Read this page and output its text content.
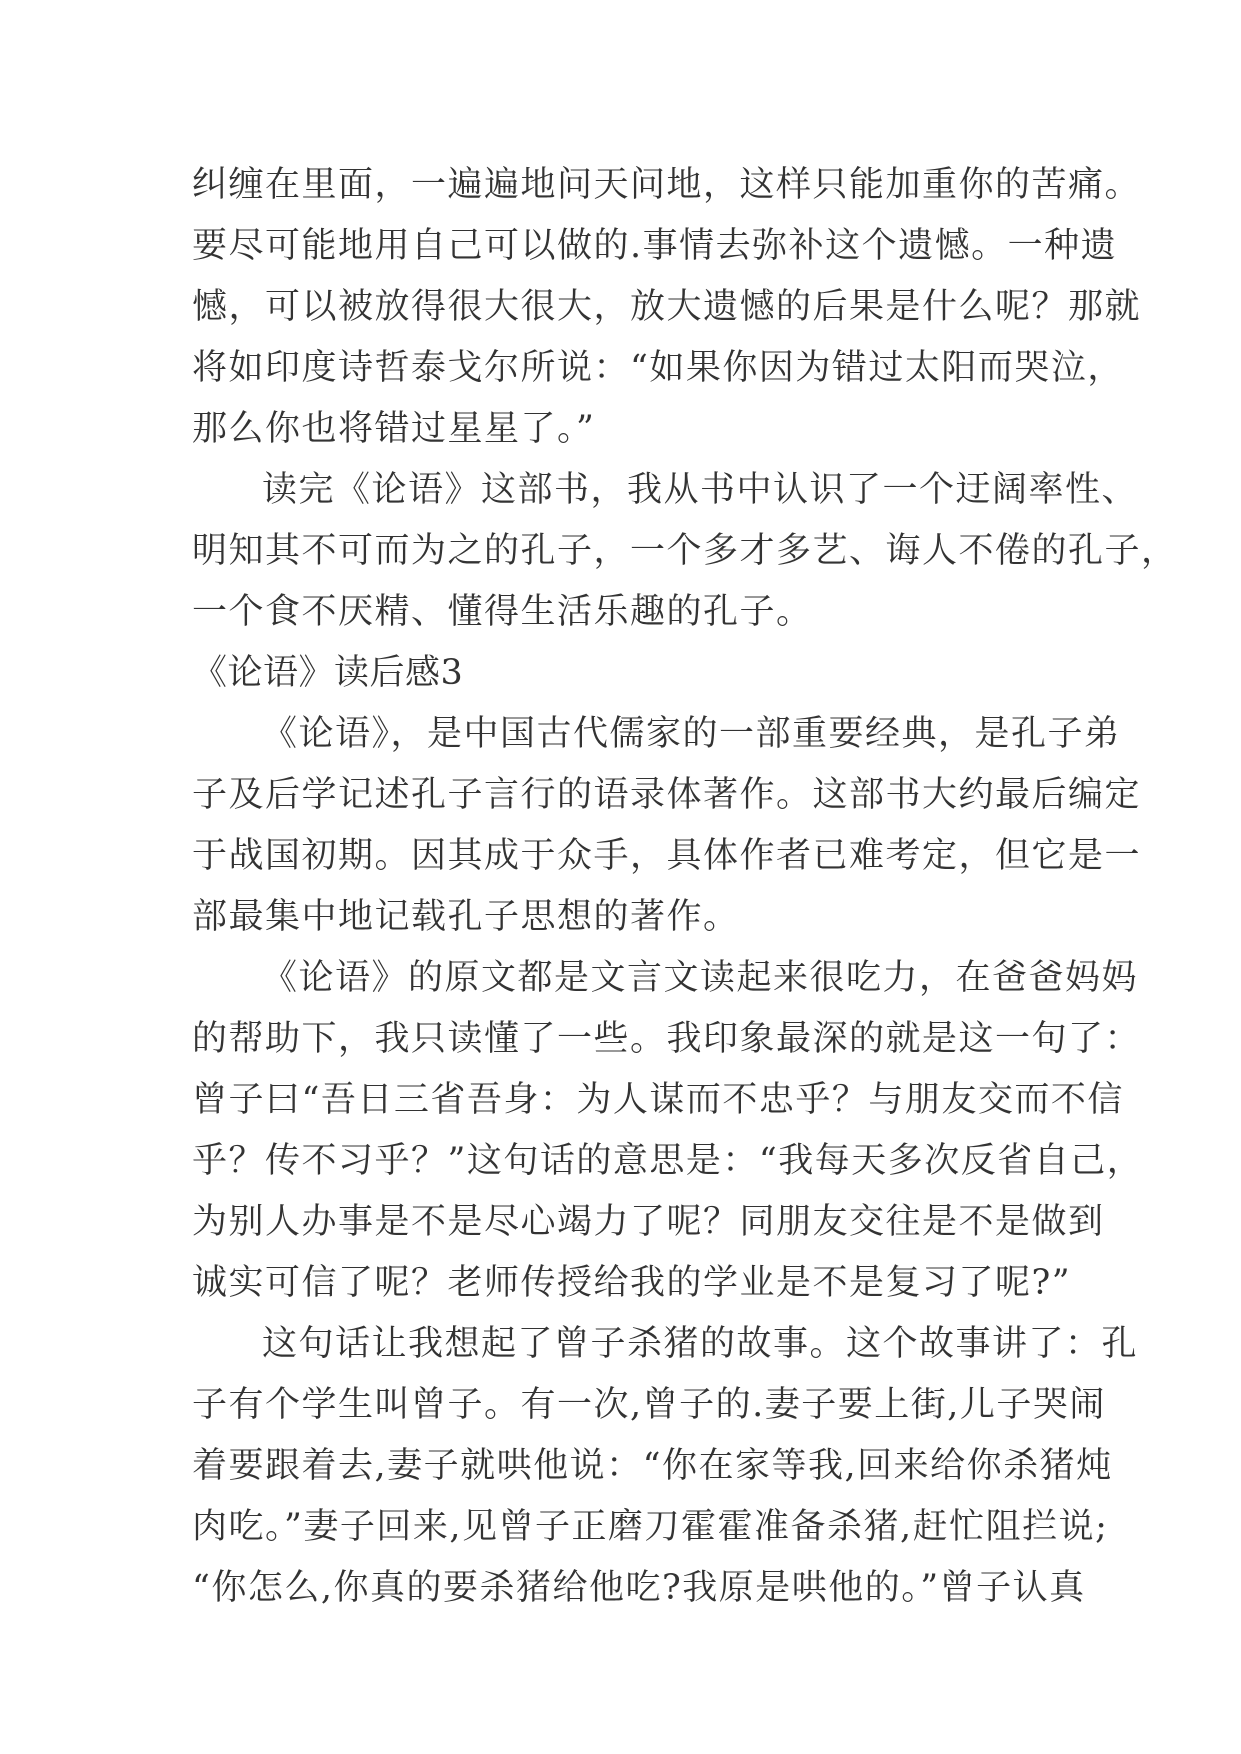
纠缠在里面，一遍遍地问天问地，这样只能加重你的苦痛。
要尽可能地用自己可以做的.事情去弥补这个遗憾。一种遗
憾，可以被放得很大很大，放大遗憾的后果是什么呢？那就
将如印度诗哲泰戈尔所说：“如果你因为错过太阳而哭泣，
那么你也将错过星星了。”
读完《论语》这部书，我从书中认识了一个迂阔率性、
明知其不可而为之的孔子，一个多才多艺、诲人不倦的孔子，
一个食不厌精、懂得生活乐趣的孔子。
《论语》读后感3
《论语》，是中国古代儒家的一部重要经典，是孔子弟
子及后学记述孔子言行的语录体著作。这部书大约最后编定
于战国初期。因其成于众手，具体作者已难考定，但它是一
部最集中地记载孔子思想的著作。
《论语》的原文都是文言文读起来很吃力，在爸爸妈妈
的帮助下，我只读懂了一些。我印象最深的就是这一句了：
曾子曰“吾日三省吾身：为人谋而不忠乎？与朋友交而不信
乎？传不习乎？”这句话的意思是：“我每天多次反省自己，
为别人办事是不是尽心竭力了呢？同朋友交往是不是做到
诚实可信了呢？老师传授给我的学业是不是复习了呢?”
这句话让我想起了曾子杀猪的故事。这个故事讲了：孔
子有个学生叫曾子。有一次,曾子的.妻子要上街,儿子哭闹
着要跟着去,妻子就哄他说：“你在家等我,回来给你杀猪炖
肉吃。”妻子回来,见曾子正磨刀霍霍准备杀猪,赶忙阻拦说;
“你怎么,你真的要杀猪给他吃?我原是哄他的。”曾子认真
